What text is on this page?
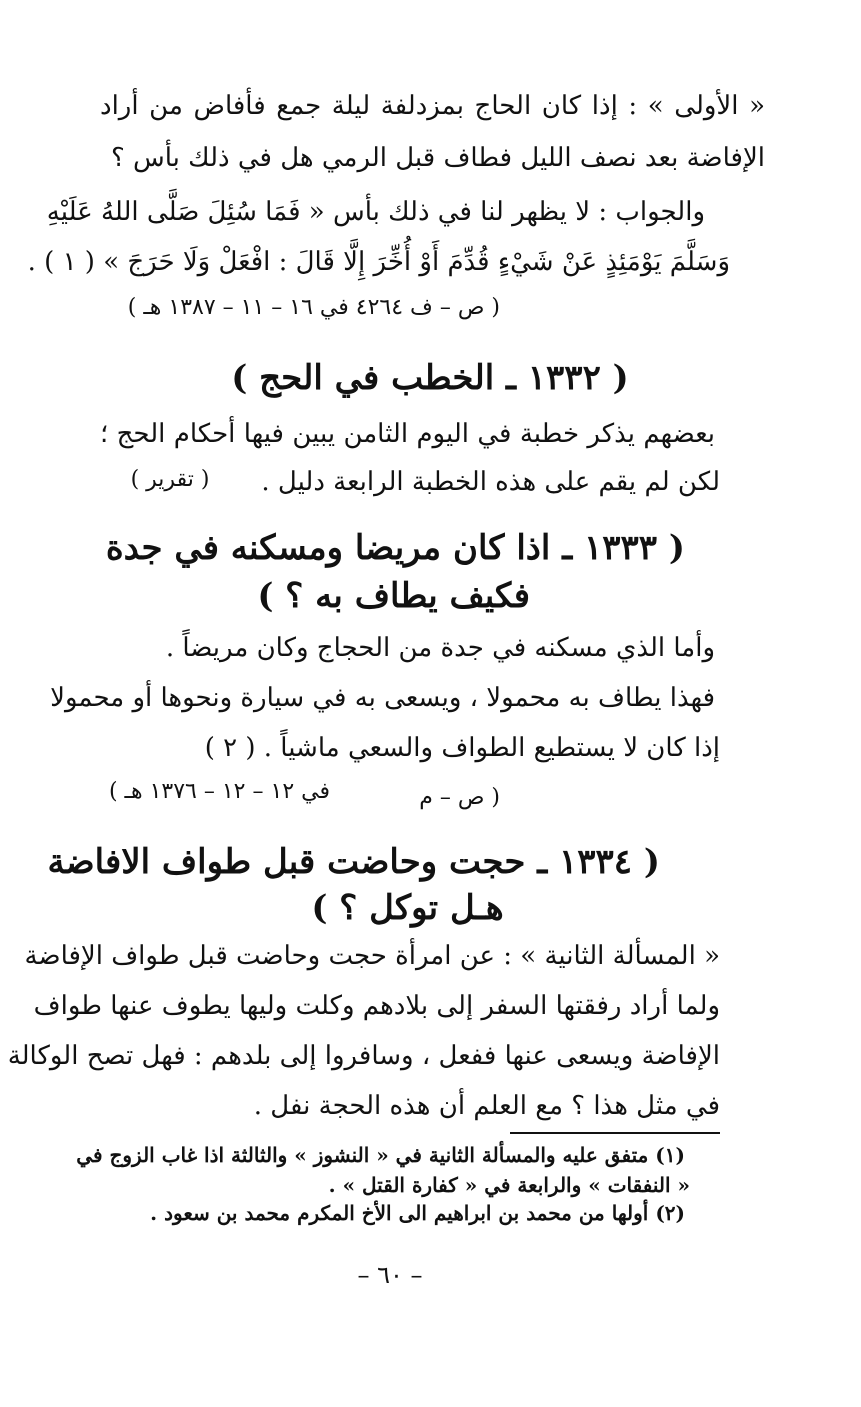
« الأولى » : إذا كان الحاج بمزدلفة ليلة جمع فأفاض من أراد
الإفاضة بعد نصف الليل فطاف قبل الرمي هل في ذلك بأس ؟
والجواب : لا يظهر لنا في ذلك بأس « فَمَا سُئِلَ صَلَّى اللهُ عَلَيْهِ
وَسَلَّمَ يَوْمَئِذٍ عَنْ شَيْءٍ قُدِّمَ أَوْ أُخِّرَ إِلَّا قَالَ : افْعَلْ وَلَا حَرَجَ » ( ١ ) .
( ص – ف ٤٢٦٤ في ١٦ – ١١ – ١٣٨٧ هـ )
( ١٣٣٢ ـ الخطب في الحج )
بعضهم يذكر خطبة في اليوم الثامن يبين فيها أحكام الحج ؛
لكن لم يقم على هذه الخطبة الرابعة دليل .
( تقرير )
( ١٣٣٣ ـ اذا كان مريضا ومسكنه في جدة
فكيف يطاف به ؟ )
وأما الذي مسكنه في جدة من الحجاج وكان مريضاً .
فهذا يطاف به محمولا ، ويسعى به في سيارة ونحوها أو محمولا
إذا كان لا يستطيع الطواف والسعي ماشياً . ( ٢ )
في ١٢ – ١٢ – ١٣٧٦ هـ )	( ص – م
( ١٣٣٤ ـ حجت وحاضت قبل طواف الافاضة
هـل توكل ؟ )
« المسألة الثانية » : عن امرأة حجت وحاضت قبل طواف الإفاضة
ولما أراد رفقتها السفر إلى بلادهم وكلت وليها يطوف عنها طواف
الإفاضة ويسعى عنها ففعل ، وسافروا إلى بلدهم : فهل تصح الوكالة
في مثل هذا ؟ مع العلم أن هذه الحجة نفل .
(١) متفق عليه والمسألة الثانية في « النشوز » والثالثة اذا غاب الزوج في
« النفقات » والرابعة في « كفارة القتل » .
(٢) أولها من محمد بن ابراهيم الى الأخ المكرم محمد بن سعود .
– ٦٠ –
